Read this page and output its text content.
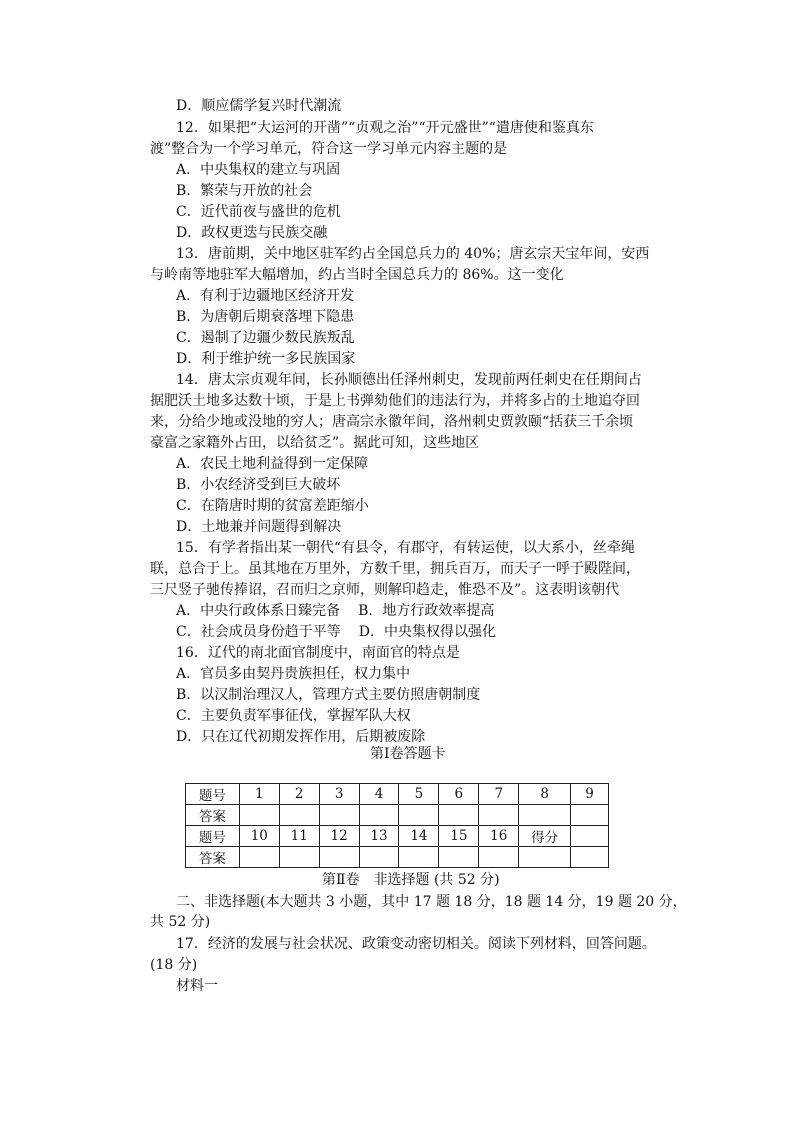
D．顺应儒学复兴时代潮流
12．如果把“大运河的开凿”“贞观之治”“开元盛世”“遣唐使和鉴真东
渡”整合为一个学习单元，符合这一学习单元内容主题的是
A．中央集权的建立与巩固
B．繁荣与开放的社会
C．近代前夜与盛世的危机
D．政权更迭与民族交融
13．唐前期，关中地区驻军约占全国总兵力的 40%；唐玄宗天宝年间，安西
与岭南等地驻军大幅增加，约占当时全国总兵力的 86%。这一变化
A．有利于边疆地区经济开发
B．为唐朝后期衰落埋下隐患
C．遏制了边疆少数民族叛乱
D．利于维护统一多民族国家
14．唐太宗贞观年间，长孙顺德出任泽州刺史，发现前两任刺史在任期间占
据肥沃土地多达数十顷，于是上书弹劾他们的违法行为，并将多占的土地追夺回
来，分给少地或没地的穷人；唐高宗永徽年间，洛州刺史贾敦颐“括获三千余顷
豪富之家籍外占田，以给贫乏”。据此可知，这些地区
A．农民土地利益得到一定保障
B．小农经济受到巨大破坏
C．在隋唐时期的贫富差距缩小
D．土地兼并问题得到解决
15．有学者指出某一朝代“有县令，有郡守，有转运使，以大系小，丝牵绳
联，总合于上。虽其地在万里外，方数千里，拥兵百万，而天子一呼于殿陛间，
三尺竖子驰传捧诏，召而归之京师，则解印趋走，惟恐不及”。这表明该朝代
A．中央行政体系日臻完备 B．地方行政效率提高
C．社会成员身份趋于平等 D．中央集权得以强化
16．辽代的南北面官制度中，南面官的特点是
A．官员多由契丹贵族担任，权力集中
B．以汉制治理汉人，管理方式主要仿照唐朝制度
C．主要负责军事征伐，掌握军队大权
D．只在辽代初期发挥作用，后期被废除
第Ⅰ卷答题卡
题号	1	2	3	4	5	6	7	8	9
答案									
题号	10	11	12	13	14	15	16	得分	
答案									
第Ⅱ卷　非选择题 (共 52 分)
二、非选择题(本大题共 3 小题，其中 17 题 18 分，18 题 14 分，19 题 20 分，
共 52 分)
17．经济的发展与社会状况、政策变动密切相关。阅读下列材料，回答问题。
(18 分)
材料一
